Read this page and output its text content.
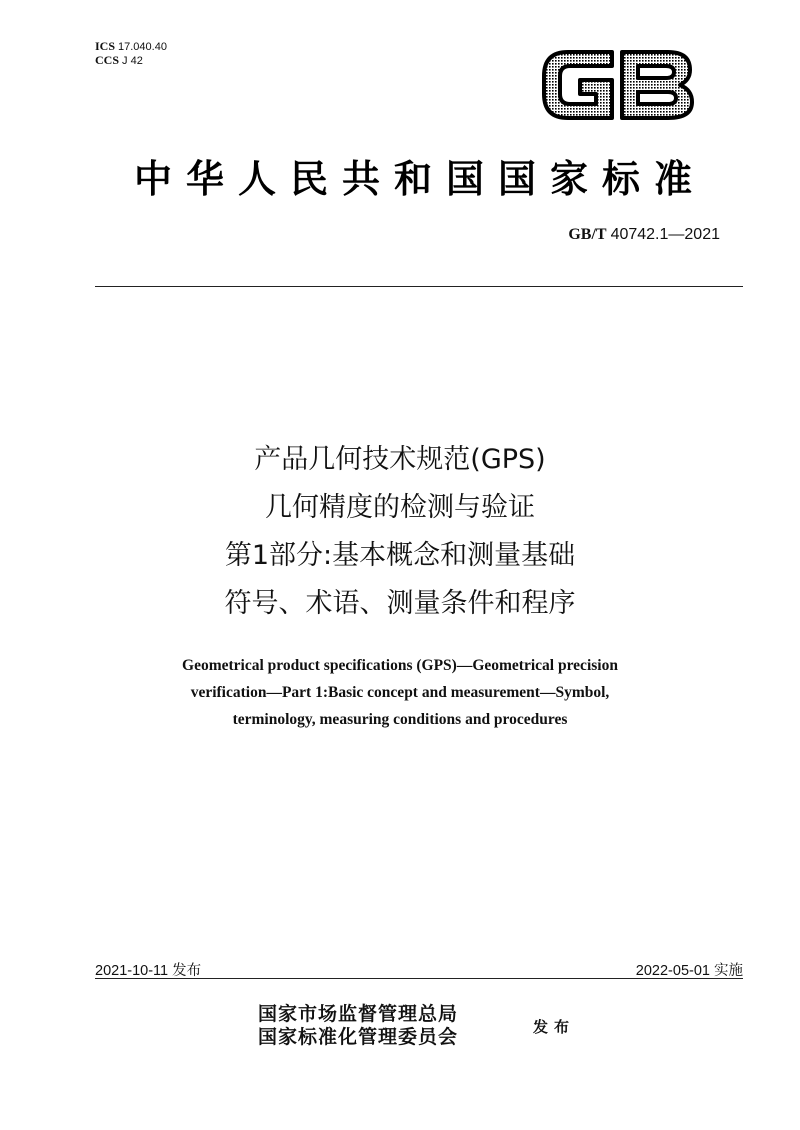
ICS 17.040.40
CCS J 42
中华人民共和国国家标准
GB/T 40742.1—2021
产品几何技术规范(GPS)
几何精度的检测与验证
第1部分:基本概念和测量基础
符号、术语、测量条件和程序
Geometrical product specifications (GPS)—Geometrical precision
verification—Part 1:Basic concept and measurement—Symbol,
terminology, measuring conditions and procedures
2021-10-11 发布	2022-05-01 实施
国家市场监督管理总局
国家标准化管理委员会	发布
